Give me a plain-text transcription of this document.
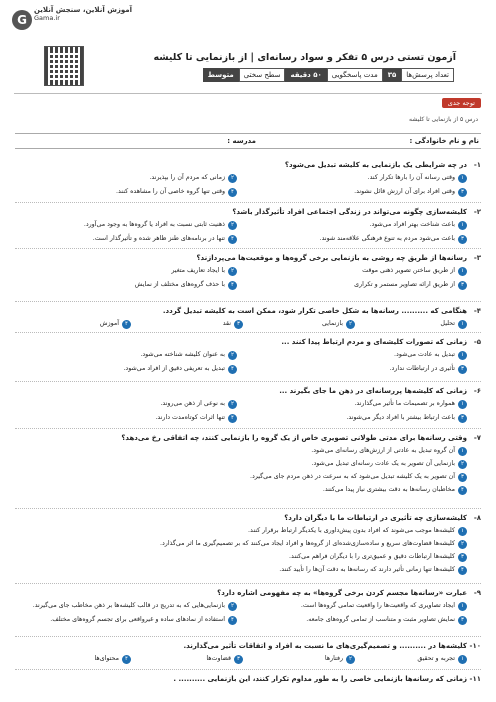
G
آموزش آنلاین، سنجش آنلاین
Gama.ir
آزمون تستی درس ۵ تفکر و سواد رسانه‌ای | از بازنمایی تا کلیشه
تعداد پرسش‌ها
۳۵
مدت پاسخگویی
۵۰ دقیقه
سطح سختی
متوسط
توجه جدی
درس ۵ از بازنمایی تا کلیشه
نام و نام خانوادگی :
مدرسه :
۱-در چه شرایطی یک بازنمایی به کلیشه تبدیل می‌شود؟
۱وقتی رسانه آن را بارها تکرار کند.
۲زمانی که مردم آن را بپذیرند.
۳وقتی افراد برای آن ارزش قائل نشوند.
۴وقتی تنها گروه خاصی آن را مشاهده کنند.
۲-کلیشه‌سازی چگونه می‌تواند در زندگی اجتماعی افراد تأثیرگذار باشد؟
۱باعث شناخت بهتر افراد می‌شود.
۲ذهنیت ثابتی نسبت به افراد یا گروه‌ها به وجود می‌آورد.
۳باعث می‌شود مردم به تنوع فرهنگی علاقه‌مند شوند.
۴تنها در برنامه‌های طنز ظاهر شده و تأثیرگذار است.
۳-رسانه‌ها از طریق چه روشی به بازنمایی برخی گروه‌ها و موقعیت‌ها می‌پردازند؟
۱از طریق ساختن تصویر ذهنی موقت
۲با ایجاد تعاریف متغیر
۳از طریق ارائه تصاویر مستمر و تکراری
۴با حذف گروه‌های مختلف از نمایش
۴-هنگامی که .......... رسانه‌ها به شکل خاصی تکرار شود، ممکن است به کلیشه تبدیل گردد.
۱تحلیل
۲بازنمایی
۳نقد
۴آموزش
۵-زمانی که تصورات کلیشه‌ای و مردم ارتباط پیدا کنند ...
۱تبدیل به عادت می‌شود.
۲به عنوان کلیشه شناخته می‌شود.
۳تأثیری در ارتباطات ندارد.
۴تبدیل به تعریفی دقیق از افراد می‌شود.
۶-زمانی که کلیشه‌ها پررسانه‌ای در ذهن ما جای بگیرند ...
۱همواره بر تصمیمات ما تأثیر می‌گذارند.
۲به نوعی از ذهن می‌روند.
۳باعث ارتباط بیشتر با افراد دیگر می‌شوند.
۴تنها اثرات کوتاه‌مدت دارند.
۷-وقتی رسانه‌ها برای مدتی طولانی تصویری خاص از یک گروه را بازنمایی کنند، چه اتفاقی رخ می‌دهد؟
۱آن گروه تبدیل به عادتی از ارزش‌های رسانه‌ای می‌شود.
۲بازنمایی آن تصویر به یک عادت رسانه‌ای تبدیل می‌شود.
۳آن تصویر به یک کلیشه تبدیل می‌شود که به سرعت در ذهن مردم جای می‌گیرد.
۴مخاطبان رسانه‌ها به دقت بیشتری نیاز پیدا می‌کنند.
۸-کلیشه‌سازی چه تأثیری در ارتباطات ما با دیگران دارد؟
۱کلیشه‌ها موجب می‌شوند که افراد بدون پیش‌داوری با یکدیگر ارتباط برقرار کنند.
۲کلیشه‌ها قضاوت‌های سریع و ساده‌سازی‌شده‌ای از گروه‌ها و افراد ایجاد می‌کنند که بر تصمیم‌گیری ما اثر می‌گذارد.
۳کلیشه‌ها ارتباطات دقیق و عمیق‌تری را با دیگران فراهم می‌کنند.
۴کلیشه‌ها تنها زمانی تأثیر دارند که رسانه‌ها به دقت آن‌ها را تأیید کنند.
۹-عبارت «رسانه‌ها مجسم کردن برخی گروه‌ها» به چه مفهومی اشاره دارد؟
۱ایجاد تصاویری که واقعیت‌ها را واقعیت تمامی گروه‌ها است.
۲بازنمایی‌هایی که به تدریج در قالب کلیشه‌ها بر ذهن مخاطب جای می‌گیرند.
۳نمایش تصاویر مثبت و متناسب از تمامی گروه‌های جامعه.
۴استفاده از نمادهای ساده و غیرواقعی برای تجسم گروه‌های مختلف.
۱۰-کلیشه‌ها در .......... و تصمیم‌گیری‌های ما نسبت به افراد و اتفاقات تأثیر می‌گذارند.
۱تجربه و تحقیق
۲رفتارها
۳قضاوت‌ها
۴محتوای‌ها
۱۱-زمانی که رسانه‌ها بازنمایی خاصی را به طور مداوم تکرار کنند، این بازنمایی .......... .
